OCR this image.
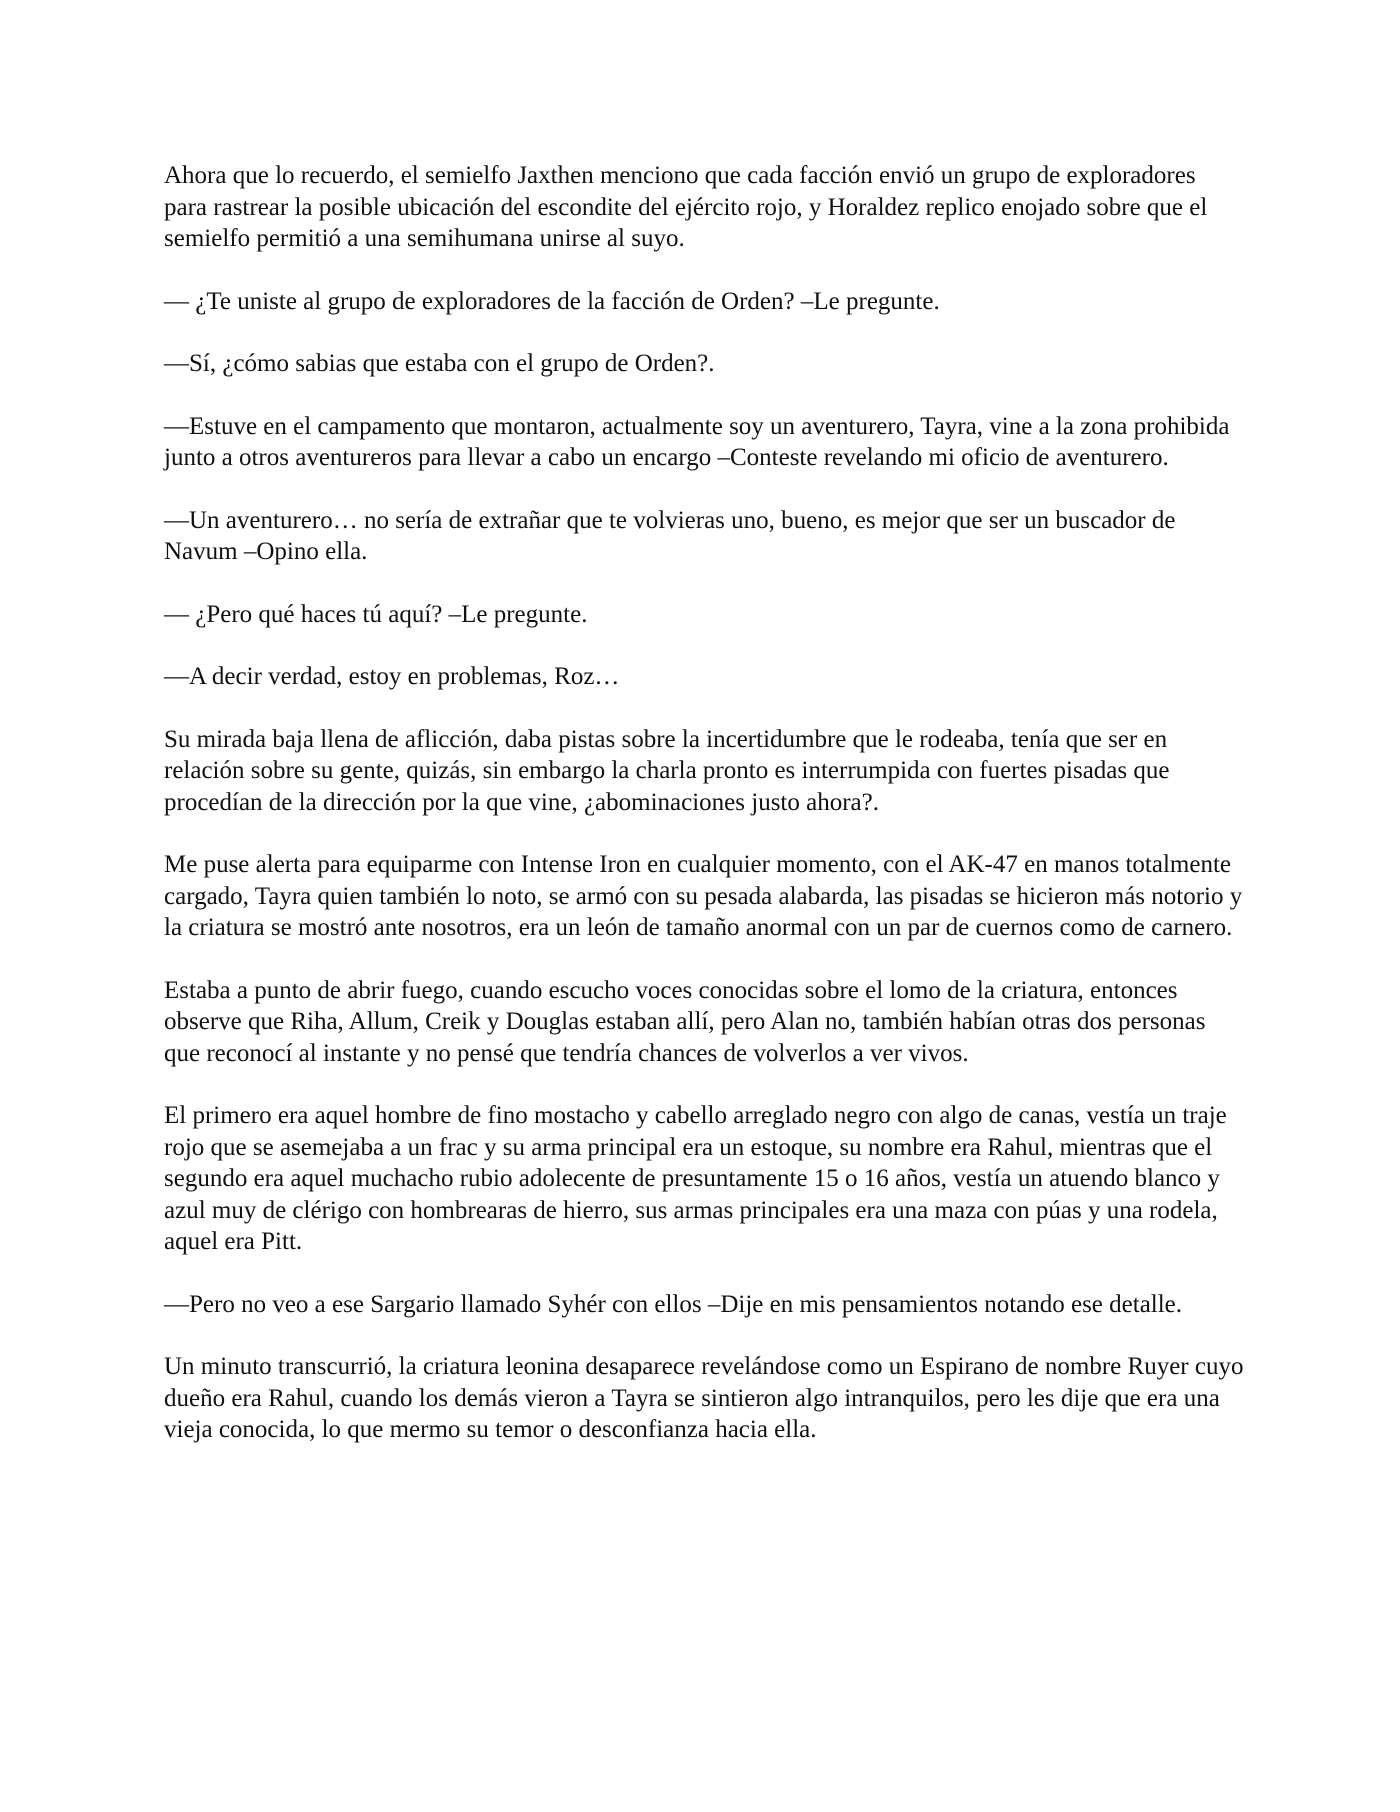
Ahora que lo recuerdo, el semielfo Jaxthen menciono que cada facción envió un grupo de exploradores para rastrear la posible ubicación del escondite del ejército rojo, y Horaldez replico enojado sobre que el semielfo permitió a una semihumana unirse al suyo.

— ¿Te uniste al grupo de exploradores de la facción de Orden? –Le pregunte.

—Sí, ¿cómo sabias que estaba con el grupo de Orden?.

—Estuve en el campamento que montaron, actualmente soy un aventurero, Tayra, vine a la zona prohibida junto a otros aventureros para llevar a cabo un encargo –Conteste revelando mi oficio de aventurero.

—Un aventurero… no sería de extrañar que te volvieras uno, bueno, es mejor que ser un buscador de Navum –Opino ella.

— ¿Pero qué haces tú aquí? –Le pregunte.

—A decir verdad, estoy en problemas, Roz…

Su mirada baja llena de aflicción, daba pistas sobre la incertidumbre que le rodeaba, tenía que ser en relación sobre su gente, quizás, sin embargo la charla pronto es interrumpida con fuertes pisadas que procedían de la dirección por la que vine, ¿abominaciones justo ahora?.

Me puse alerta para equiparme con Intense Iron en cualquier momento, con el AK-47 en manos totalmente cargado, Tayra quien también lo noto, se armó con su pesada alabarda, las pisadas se hicieron más notorio y la criatura se mostró ante nosotros, era un león de tamaño anormal con un par de cuernos como de carnero.

Estaba a punto de abrir fuego, cuando escucho voces conocidas sobre el lomo de la criatura, entonces observe que Riha, Allum, Creik y Douglas estaban allí, pero Alan no, también habían otras dos personas que reconocí al instante y no pensé que tendría chances de volverlos a ver vivos.

El primero era aquel hombre de fino mostacho y cabello arreglado negro con algo de canas, vestía un traje rojo que se asemejaba a un frac y su arma principal era un estoque, su nombre era Rahul, mientras que el segundo era aquel muchacho rubio adolecente de presuntamente 15 o 16 años, vestía un atuendo blanco y azul muy de clérigo con hombrearas de hierro, sus armas principales era una maza con púas y una rodela, aquel era Pitt.

—Pero no veo a ese Sargario llamado Syhér con ellos –Dije en mis pensamientos notando ese detalle.

Un minuto transcurrió, la criatura leonina desaparece revelándose como un Espirano de nombre Ruyer cuyo dueño era Rahul, cuando los demás vieron a Tayra se sintieron algo intranquilos, pero les dije que era una vieja conocida, lo que mermo su temor o desconfianza hacia ella.
